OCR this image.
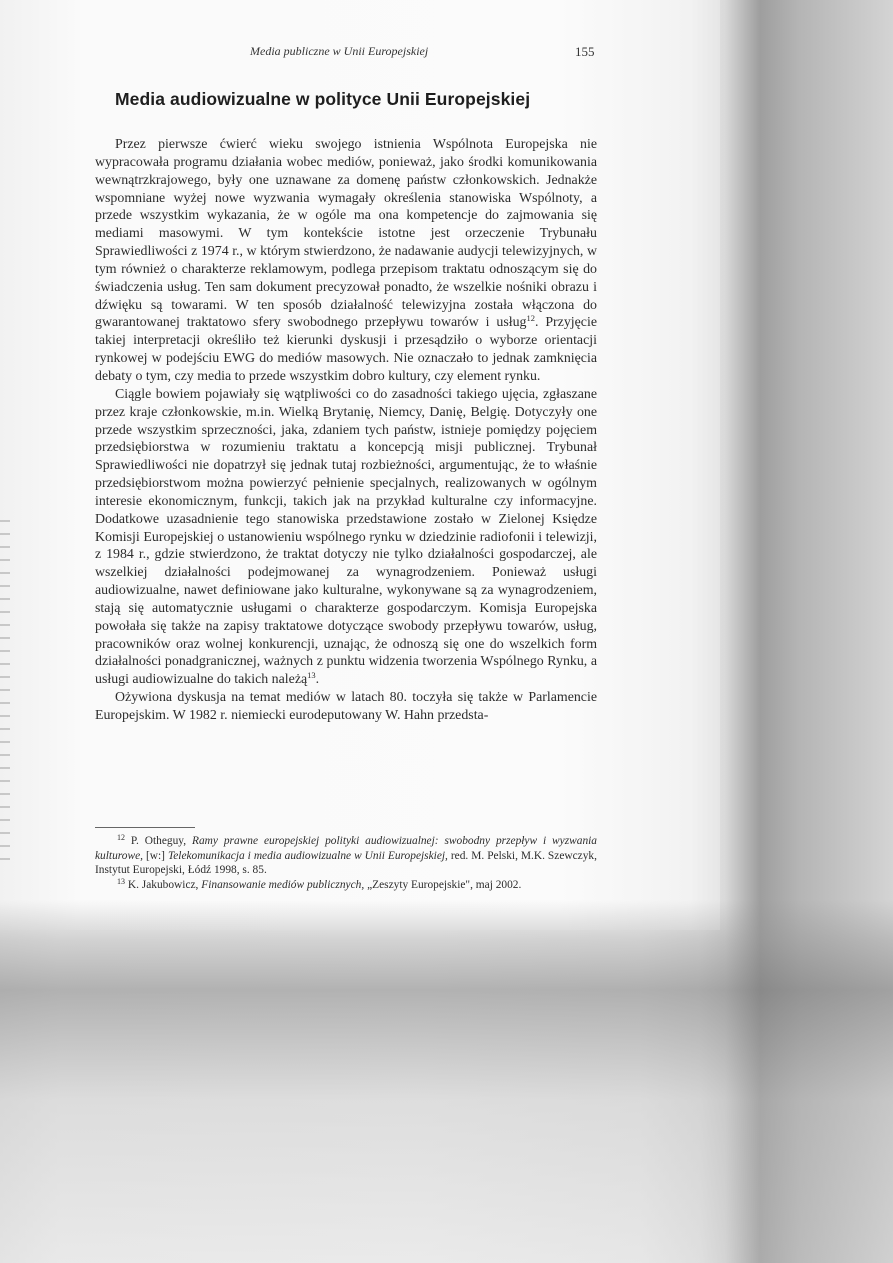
Media publiczne w Unii Europejskiej	155
Media audiowizualne w polityce Unii Europejskiej

Przez pierwsze ćwierć wieku swojego istnienia Wspólnota Europejska nie wypracowała programu działania wobec mediów, ponieważ, jako środki komunikowania wewnątrzkrajowego, były one uznawane za domenę państw członkowskich. Jednakże wspomniane wyżej nowe wyzwania wymagały określenia stanowiska Wspólnoty, a przede wszystkim wykazania, że w ogóle ma ona kompetencje do zajmowania się mediami masowymi. W tym kontekście istotne jest orzeczenie Trybunału Sprawiedliwości z 1974 r., w którym stwierdzono, że nadawanie audycji telewizyjnych, w tym również o charakterze reklamowym, podlega przepisom traktatu odnoszącym się do świadczenia usług. Ten sam dokument precyzował ponadto, że wszelkie nośniki obrazu i dźwięku są towarami. W ten sposób działalność telewizyjna została włączona do gwarantowanej traktatowo sfery swobodnego przepływu towarów i usług$^{12}$. Przyjęcie takiej interpretacji określiło też kierunki dyskusji i przesądziło o wyborze orientacji rynkowej w podejściu EWG do mediów masowych. Nie oznaczało to jednak zamknięcia debaty o tym, czy media to przede wszystkim dobro kultury, czy element rynku.

Ciągle bowiem pojawiały się wątpliwości co do zasadności takiego ujęcia, zgłaszane przez kraje członkowskie, m.in. Wielką Brytanię, Niemcy, Danię, Belgię. Dotyczyły one przede wszystkim sprzeczności, jaka, zdaniem tych państw, istnieje pomiędzy pojęciem przedsiębiorstwa w rozumieniu traktatu a koncepcją misji publicznej. Trybunał Sprawiedliwości nie dopatrzył się jednak tutaj rozbieżności, argumentując, że to właśnie przedsiębiorstwom można powierzyć pełnienie specjalnych, realizowanych w ogólnym interesie ekonomicznym, funkcji, takich jak na przykład kulturalne czy informacyjne. Dodatkowe uzasadnienie tego stanowiska przedstawione zostało w Zielonej Księdze Komisji Europejskiej o ustanowieniu wspólnego rynku w dziedzinie radiofonii i telewizji, z 1984 r., gdzie stwierdzono, że traktat dotyczy nie tylko działalności gospodarczej, ale wszelkiej działalności podejmowanej za wynagrodzeniem. Ponieważ usługi audiowizualne, nawet definiowane jako kulturalne, wykonywane są za wynagrodzeniem, stają się automatycznie usługami o charakterze gospodarczym. Komisja Europejska powołała się także na zapisy traktatowe dotyczące swobody przepływu towarów, usług, pracowników oraz wolnej konkurencji, uznając, że odnoszą się one do wszelkich form działalności ponadgranicznej, ważnych z punktu widzenia tworzenia Wspólnego Rynku, a usługi audiowizualne do takich należą$^{13}$.

Ożywiona dyskusja na temat mediów w latach 80. toczyła się także w Parlamencie Europejskim. W 1982 r. niemiecki eurodeputowany W. Hahn przedsta-

$^{12}$ P. Otheguy, Ramy prawne europejskiej polityki audiowizualnej: swobodny przepływ i wyzwania kulturowe, [w:] Telekomunikacja i media audiowizualne w Unii Europejskiej, red. M. Pelski, M.K. Szewczyk, Instytut Europejski, Łódź 1998, s. 85.

$^{13}$ K. Jakubowicz, Finansowanie mediów publicznych, „Zeszyty Europejskie", maj 2002.
